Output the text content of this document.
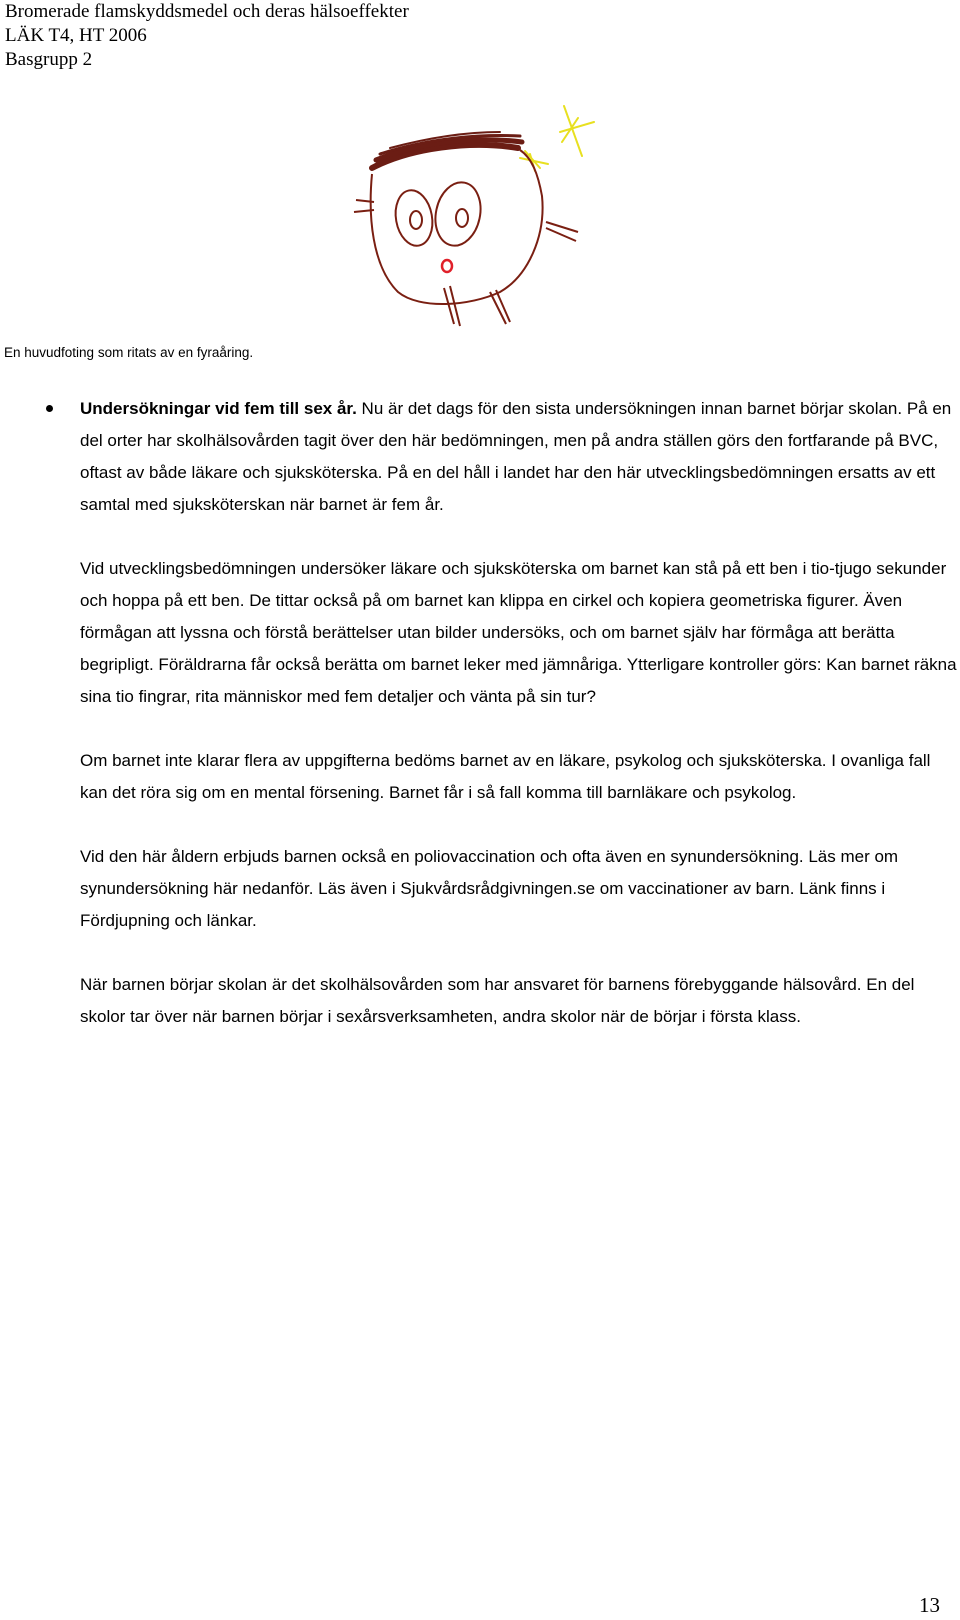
Bromerade flamskyddsmedel och deras hälsoeffekter
LÄK T4, HT 2006
Basgrupp 2
En huvudfoting som ritats av en fyraåring.

Undersökningar vid fem till sex år. Nu är det dags för den sista undersökningen innan barnet börjar skolan. På en del orter har skolhälsovården tagit över den här bedömningen, men på andra ställen görs den fortfarande på BVC, oftast av både läkare och sjuksköterska. På en del håll i landet har den här utvecklingsbedömningen ersatts av ett samtal med sjuksköterskan när barnet är fem år.

Vid utvecklingsbedömningen undersöker läkare och sjuksköterska om barnet kan stå på ett ben i tio-tjugo sekunder och hoppa på ett ben. De tittar också på om barnet kan klippa en cirkel och kopiera geometriska figurer. Även förmågan att lyssna och förstå berättelser utan bilder undersöks, och om barnet själv har förmåga att berätta begripligt. Föräldrarna får också berätta om barnet leker med jämnåriga. Ytterligare kontroller görs: Kan barnet räkna sina tio fingrar, rita människor med fem detaljer och vänta på sin tur?

Om barnet inte klarar flera av uppgifterna bedöms barnet av en läkare, psykolog och sjuksköterska. I ovanliga fall kan det röra sig om en mental försening. Barnet får i så fall komma till barnläkare och psykolog.

Vid den här åldern erbjuds barnen också en poliovaccination och ofta även en synundersökning. Läs mer om synundersökning här nedanför. Läs även i Sjukvårdsrådgivningen.se om vaccinationer av barn. Länk finns i Fördjupning och länkar.

När barnen börjar skolan är det skolhälsovården som har ansvaret för barnens förebyggande hälsovård. En del skolor tar över när barnen börjar i sexårsverksamheten, andra skolor när de börjar i första klass.

13
